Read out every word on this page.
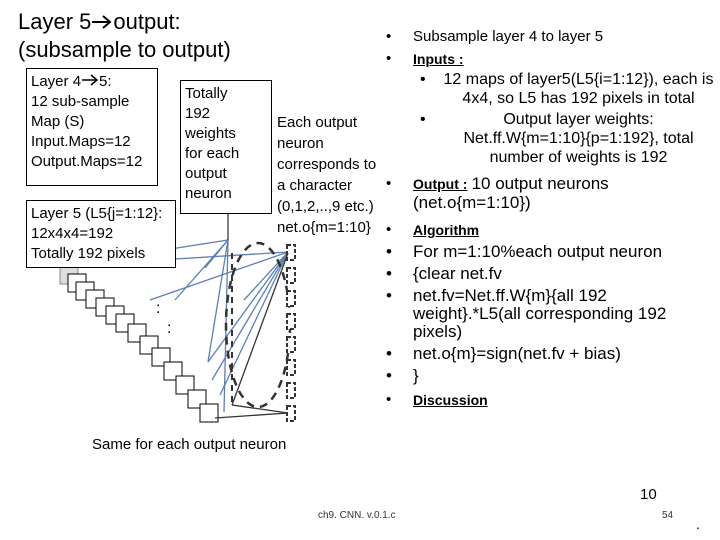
Layer 5 output:
(subsample to output)
Layer 4 5:
12 sub-sample
Map (S)
Input.Maps=12
Output.Maps=12
Layer 5 (L5{j=1:12}:
12x4x4=192
Totally 192 pixels
Totally
192
weights
for each
output
neuron
Each output
neuron
corresponds to
a character
(0,1,2,..,9 etc.)
net.o{m=1:10}
:
:
Same for each output neuron
•	Subsample layer 4 to layer 5
•	Inputs :
•	12 maps of layer5(L5{i=1:12}), each is 4x4, so L5 has 192 pixels in total
•	Output layer weights: Net.ff.W{m=1:10}{p=1:192}, total number of weights is 192
•	Output : 10 output neurons (net.o{m=1:10})
•	Algorithm
•	For m=1:10%each output neuron
•	{clear net.fv
•	net.fv=Net.ff.W{m}{all 192 weight}.*L5(all corresponding 192 pixels)
•	net.o{m}=sign(net.fv + bias)
•	}
•	Discussion
10
ch9. CNN. v.0.1.c	54
.
